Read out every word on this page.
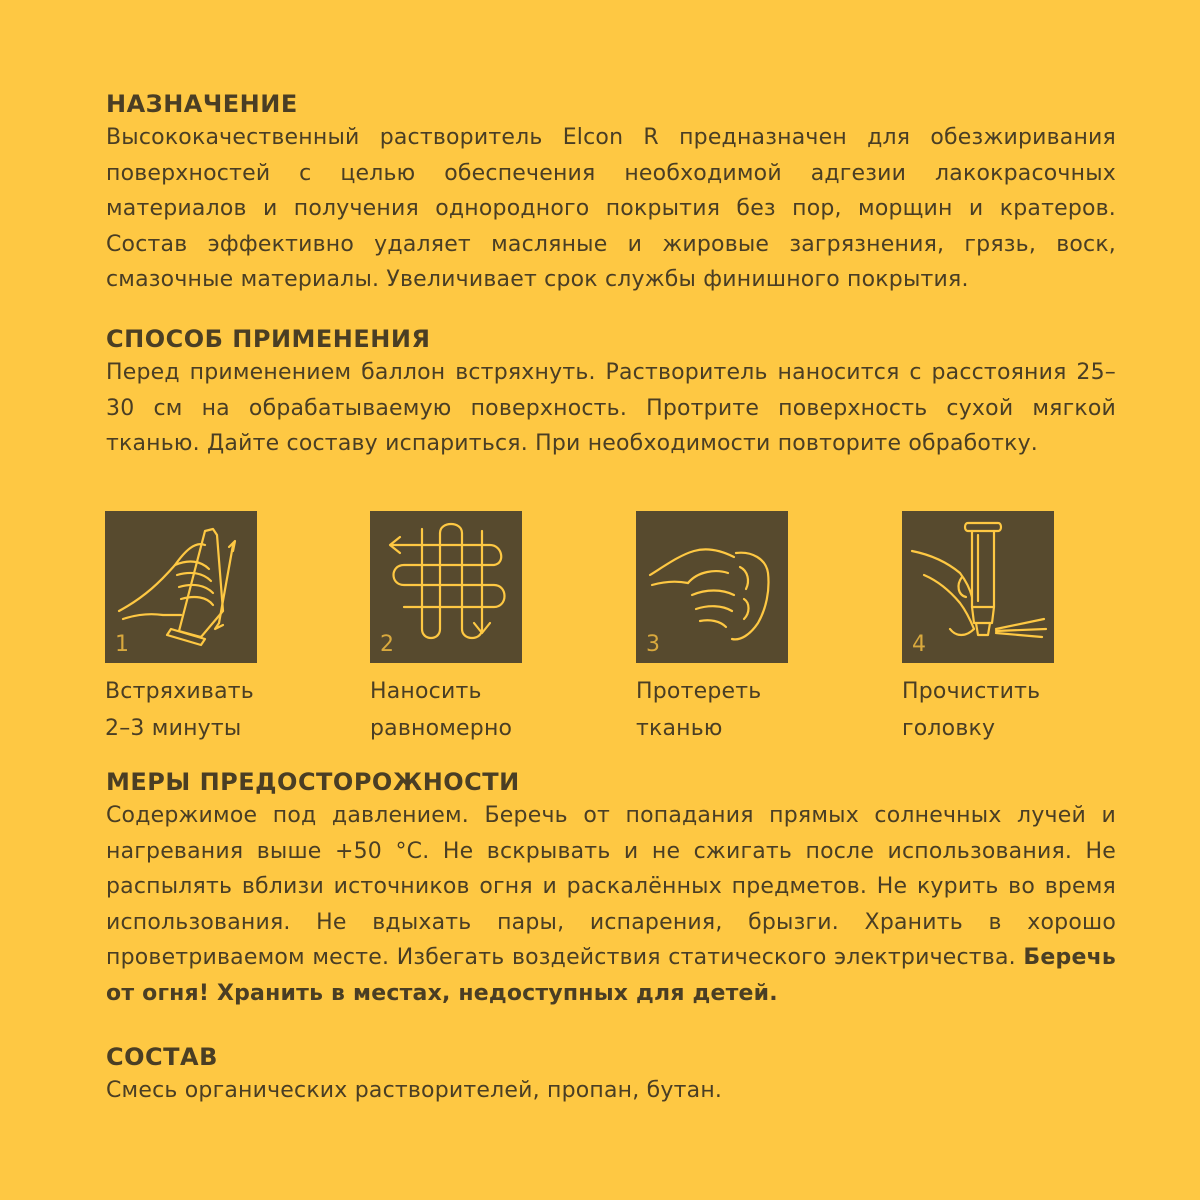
НАЗНАЧЕНИЕ

Высококачественный растворитель Elcon R предназначен для обезжиривания поверхностей с целью обеспечения необходимой адгезии лакокрасочных материалов и получения однородного покрытия без пор, морщин и кратеров. Состав эффективно удаляет масляные и жировые загрязнения, грязь, воск, смазочные материалы. Увеличивает срок службы финишного покрытия.

СПОСОБ ПРИМЕНЕНИЯ

Перед применением баллон встряхнуть. Растворитель наносится с расстояния 25–30 см на обрабатываемую поверхность. Протрите поверхность сухой мягкой тканью. Дайте составу испариться. При необходимости повторите обработку.

1
Встряхивать
2–3 минуты
2
Наносить
равномерно
3
Протереть
тканью
4
Прочистить
головку
МЕРЫ ПРЕДОСТОРОЖНОСТИ

Содержимое под давлением. Беречь от попадания прямых солнечных лучей и нагревания выше +50 °С. Не вскрывать и не сжигать после использования. Не распылять вблизи источников огня и раскалённых предметов. Не курить во время использования. Не вдыхать пары, испарения, брызги. Хранить в хорошо проветриваемом месте. Избегать воздействия статического электричества. Беречь от огня! Хранить в местах, недоступных для детей.

СОСТАВ

Смесь органических растворителей, пропан, бутан.
